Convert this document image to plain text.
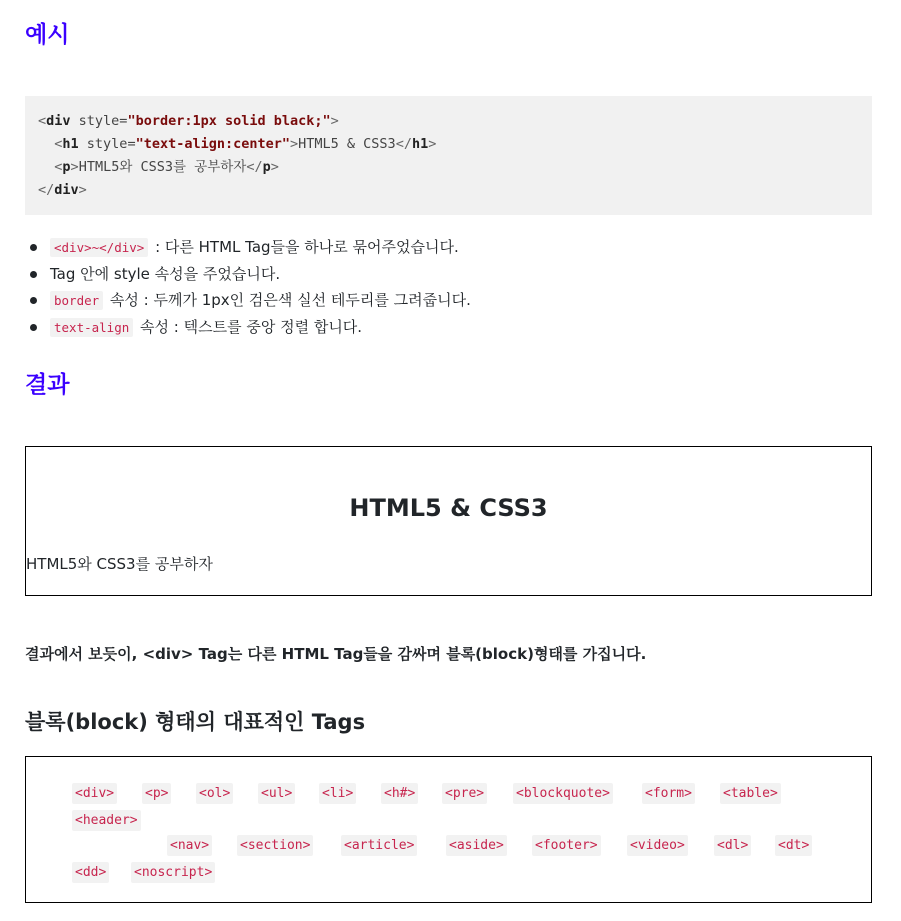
예시
<div style="border:1px solid black;">
<h1 style="text-align:center">HTML5 & CSS3</h1>
<p>HTML5와 CSS3를 공부하자</p>
</div>
<div>~</div> : 다른 HTML Tag들을 하나로 묶어주었습니다.
Tag 안에 style 속성을 주었습니다.
border 속성 : 두께가 1px인 검은색 실선 테두리를 그려줍니다.
text-align 속성 : 텍스트를 중앙 정렬 합니다.
결과
HTML5 & CSS3

HTML5와 CSS3를 공부하자

결과에서 보듯이, <div> Tag는 다른 HTML Tag들을 감싸며 블록(block)형태를 가집니다.
블록(block) 형태의 대표적인 Tags
<div> <p> <ol> <ul> <li> <h#> <pre> <blockquote>	<form> <table>
<header>
<nav> <section>	<article>	<aside> <footer> <video> <dl> <dt>
<dd> <noscript>
